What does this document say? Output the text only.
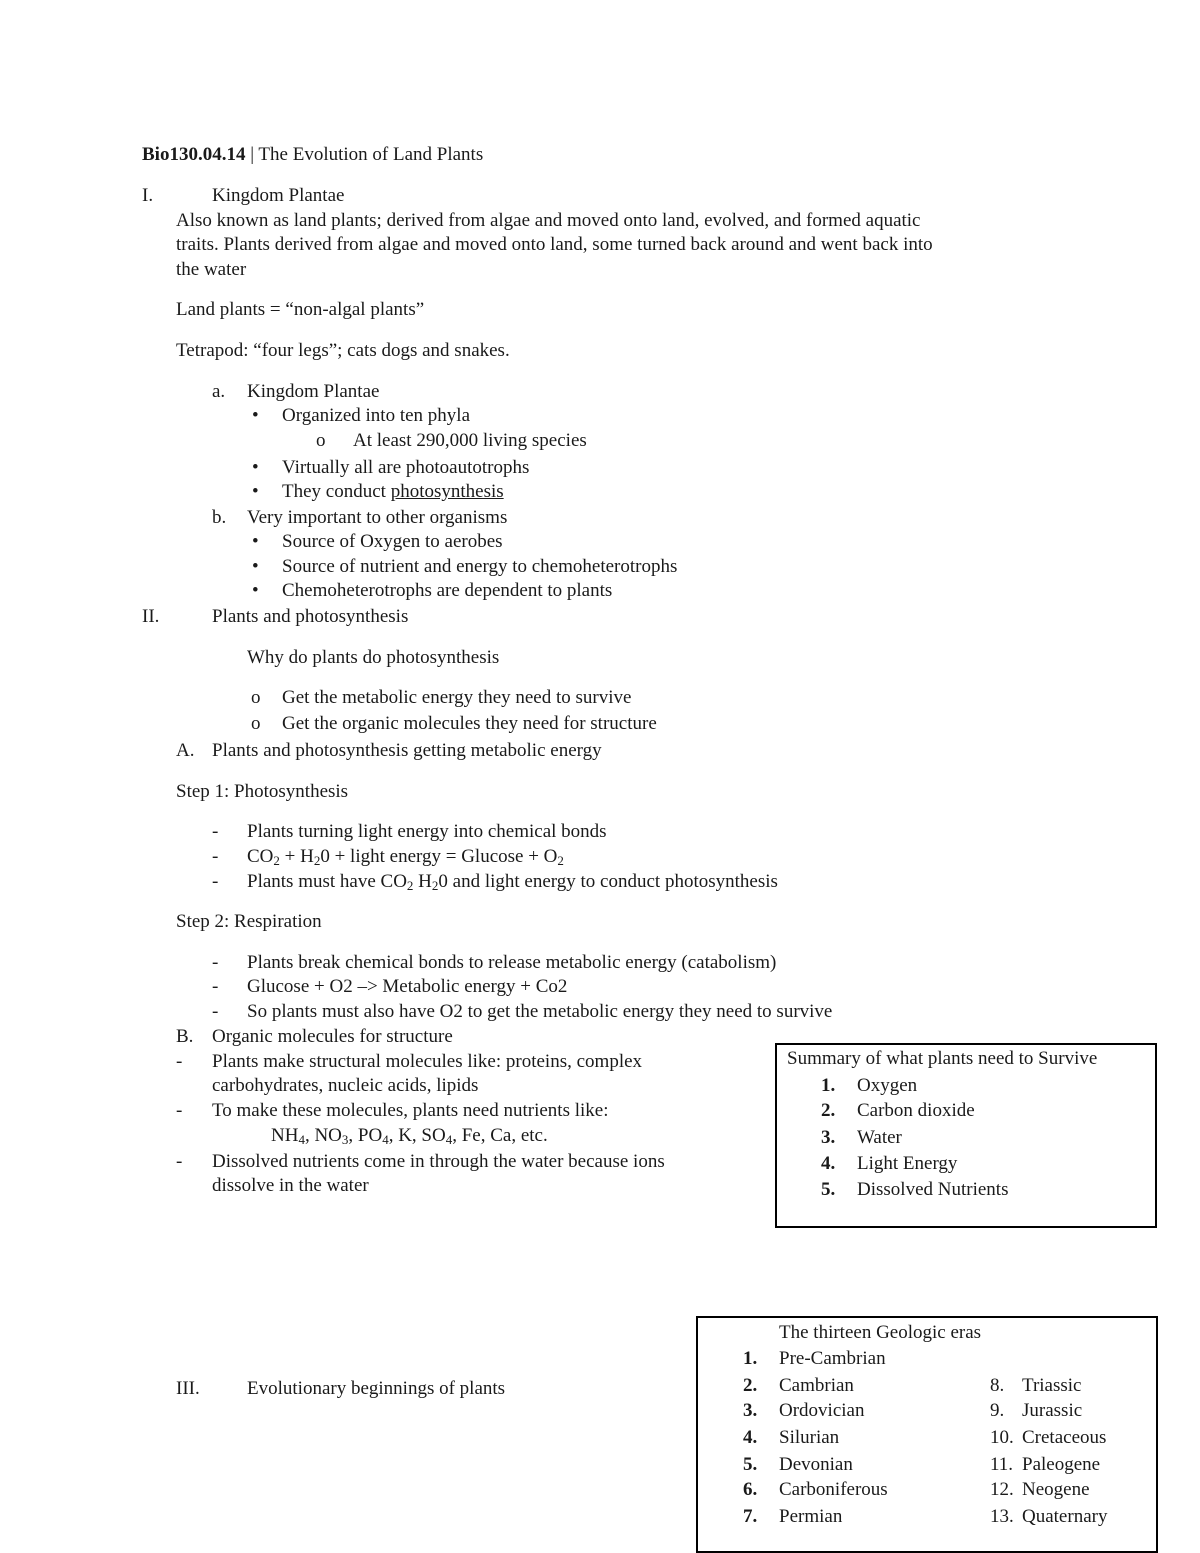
Bio130.04.14 | The Evolution of Land Plants
I.	Kingdom Plantae
Also known as land plants; derived from algae and moved onto land, evolved, and formed aquatic
traits. Plants derived from algae and moved onto land, some turned back around and went back into
the water
Land plants = “non-algal plants”
Tetrapod: “four legs”; cats dogs and snakes.
a. Kingdom Plantae
• Organized into ten phyla
o At least 290,000 living species
• Virtually all are photoautotrophs
• They conduct photosynthesis
b. Very important to other organisms
• Source of Oxygen to aerobes
• Source of nutrient and energy to chemoheterotrophs
• Chemoheterotrophs are dependent to plants
II.	Plants and photosynthesis
Why do plants do photosynthesis
o Get the metabolic energy they need to survive
o Get the organic molecules they need for structure
A. Plants and photosynthesis getting metabolic energy
Step 1: Photosynthesis
- Plants turning light energy into chemical bonds
- $CO_2 + H_20$ + light energy = $Glucose + O_2$
- Plants must have $CO_2$ $H_20$ and light energy to conduct photosynthesis
Step 2: Respiration
- Plants break chemical bonds to release metabolic energy (catabolism)
- Glucose + O2 –> Metabolic energy + Co2
- So plants must also have O2 to get the metabolic energy they need to survive
B. Organic molecules for structure
- Plants make structural molecules like: proteins, complex
carbohydrates, nucleic acids, lipids
- To make these molecules, plants need nutrients like:
$NH_4$, $NO_3$, $PO_4$, K, $SO_4$, Fe, Ca, etc.
- Dissolved nutrients come in through the water because ions
dissolve in the water
Summary of what plants need to Survive
1. Oxygen
2. Carbon dioxide
3. Water
4. Light Energy
5. Dissolved Nutrients
III. Evolutionary beginnings of plants
The thirteen Geologic eras
1. Pre-Cambrian
2. Cambrian
3. Ordovician
4. Silurian
5. Devonian
6. Carboniferous
7. Permian
8. Triassic
9. Jurassic
10. Cretaceous
11. Paleogene
12. Neogene
13. Quaternary
